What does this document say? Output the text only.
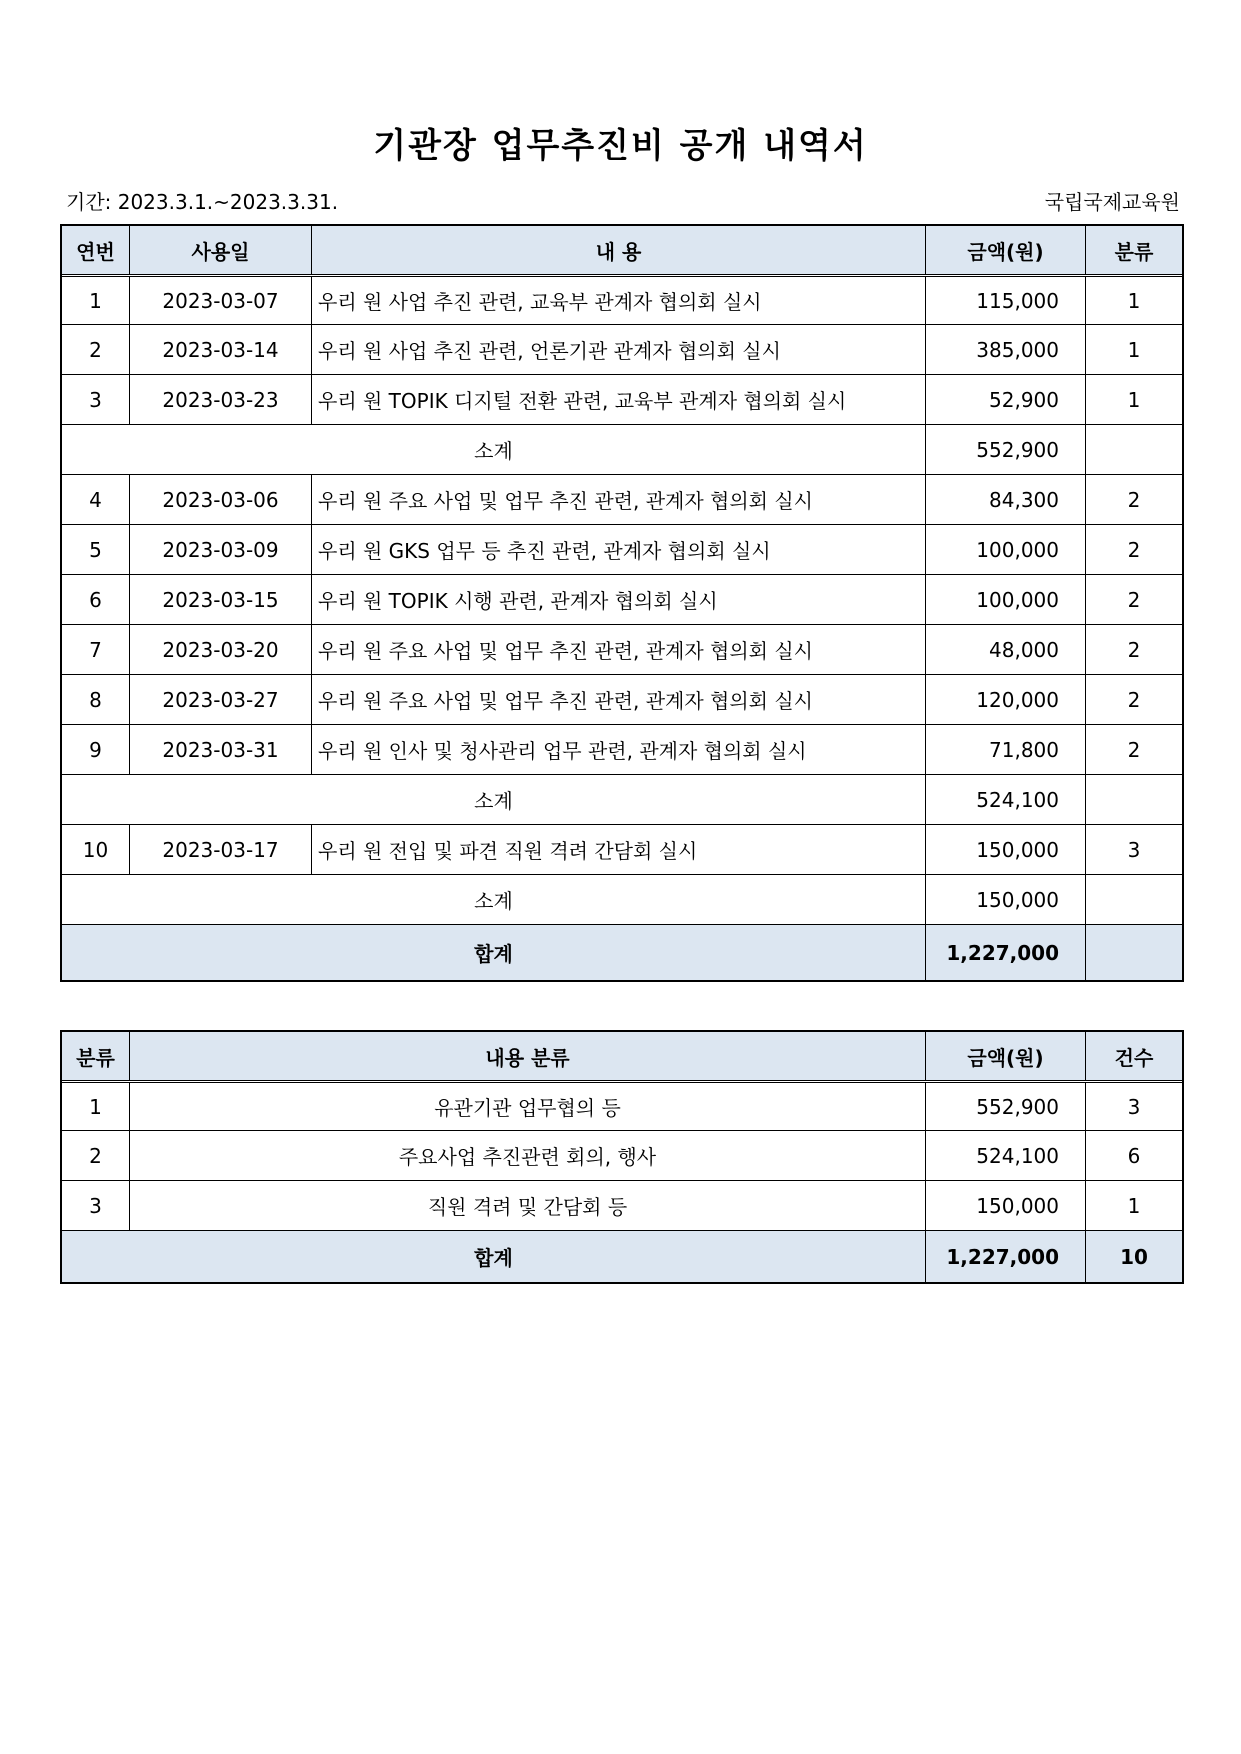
기관장 업무추진비 공개 내역서
기간: 2023.3.1.~2023.3.31.	국립국제교육원
연번	사용일	내 용	금액(원)	분류
1	2023-03-07	우리 원 사업 추진 관련, 교육부 관계자 협의회 실시	115,000	1
2	2023-03-14	우리 원 사업 추진 관련, 언론기관 관계자 협의회 실시	385,000	1
3	2023-03-23	우리 원 TOPIK 디지털 전환 관련, 교육부 관계자 협의회 실시	52,900	1
소계	552,900
4	2023-03-06	우리 원 주요 사업 및 업무 추진 관련, 관계자 협의회 실시	84,300	2
5	2023-03-09	우리 원 GKS 업무 등 추진 관련, 관계자 협의회 실시	100,000	2
6	2023-03-15	우리 원 TOPIK 시행 관련, 관계자 협의회 실시	100,000	2
7	2023-03-20	우리 원 주요 사업 및 업무 추진 관련, 관계자 협의회 실시	48,000	2
8	2023-03-27	우리 원 주요 사업 및 업무 추진 관련, 관계자 협의회 실시	120,000	2
9	2023-03-31	우리 원 인사 및 청사관리 업무 관련, 관계자 협의회 실시	71,800	2
소계	524,100
10	2023-03-17	우리 원 전입 및 파견 직원 격려 간담회 실시	150,000	3
소계	150,000
합계	1,227,000
분류	내용 분류	금액(원)	건수
1	유관기관 업무협의 등	552,900	3
2	주요사업 추진관련 회의, 행사	524,100	6
3	직원 격려 및 간담회 등	150,000	1
합계	1,227,000	10
